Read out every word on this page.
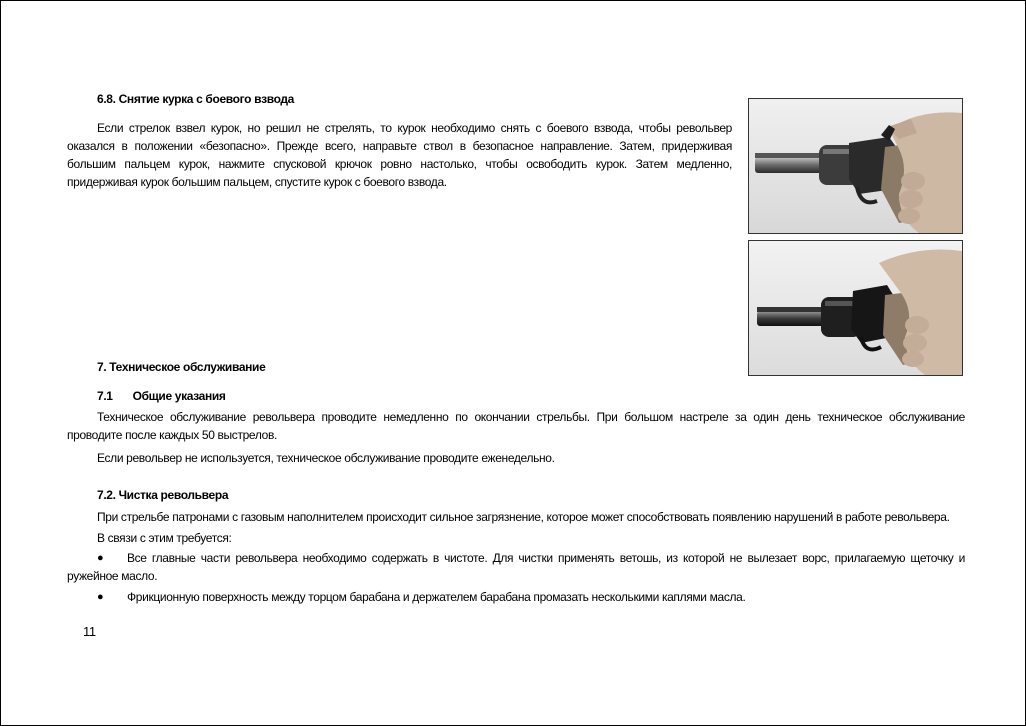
6.8. Снятие курка с боевого взвода

Если стрелок взвел курок, но решил не стрелять, то курок необходимо снять с боевого взвода, чтобы револьвер оказался в положении «безопасно». Прежде всего, направьте ствол в безопасное направление. Затем, придерживая большим пальцем курок, нажмите спусковой крючок ровно настолько, чтобы освободить курок. Затем медленно, придерживая курок большим пальцем, спустите курок с боевого взвода.

7. Техническое обслуживание
7.1 Общие указания

Техническое обслуживание револьвера проводите немедленно по окончании стрельбы. При большом настреле за один день техническое обслуживание проводите после каждых 50 выстрелов.

Если револьвер не используется, техническое обслуживание проводите еженедельно.

7.2. Чистка револьвера

При стрельбе патронами с газовым наполнителем происходит сильное загрязнение, которое может способствовать появлению нарушений в работе револьвера.

В связи с этим требуется:

●	Все главные части револьвера необходимо содержать в чистоте. Для чистки применять ветошь, из которой не вылезает ворс, прилагаемую щеточку и ружейное масло.

●	Фрикционную поверхность между торцом барабана и держателем барабана промазать несколькими каплями масла.

11
